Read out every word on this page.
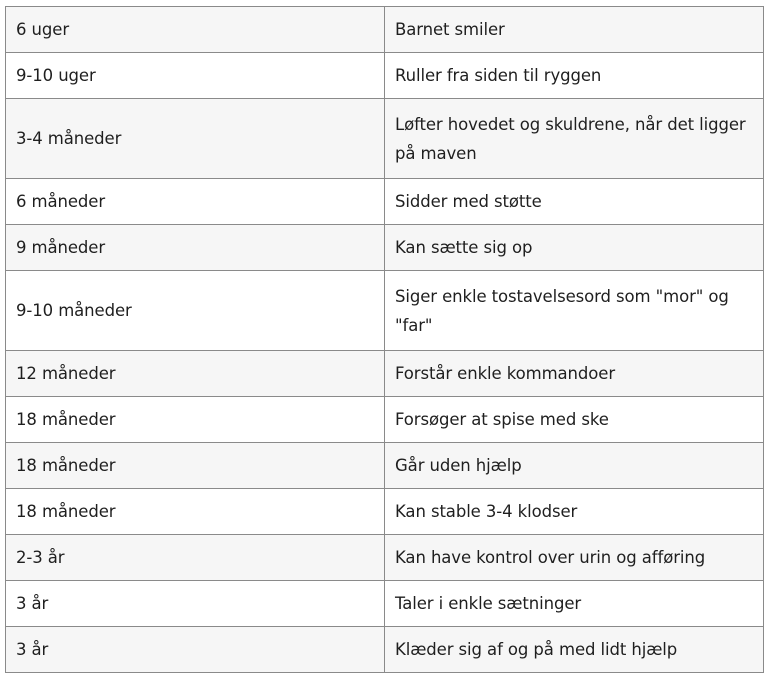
6 uger	Barnet smiler
9-10 uger	Ruller fra siden til ryggen
3-4 måneder	Løfter hovedet og skuldrene, når det ligger på maven
6 måneder	Sidder med støtte
9 måneder	Kan sætte sig op
9-10 måneder	Siger enkle tostavelsesord som "mor" og "far"
12 måneder	Forstår enkle kommandoer
18 måneder	Forsøger at spise med ske
18 måneder	Går uden hjælp
18 måneder	Kan stable 3-4 klodser
2-3 år	Kan have kontrol over urin og afføring
3 år	Taler i enkle sætninger
3 år	Klæder sig af og på med lidt hjælp
